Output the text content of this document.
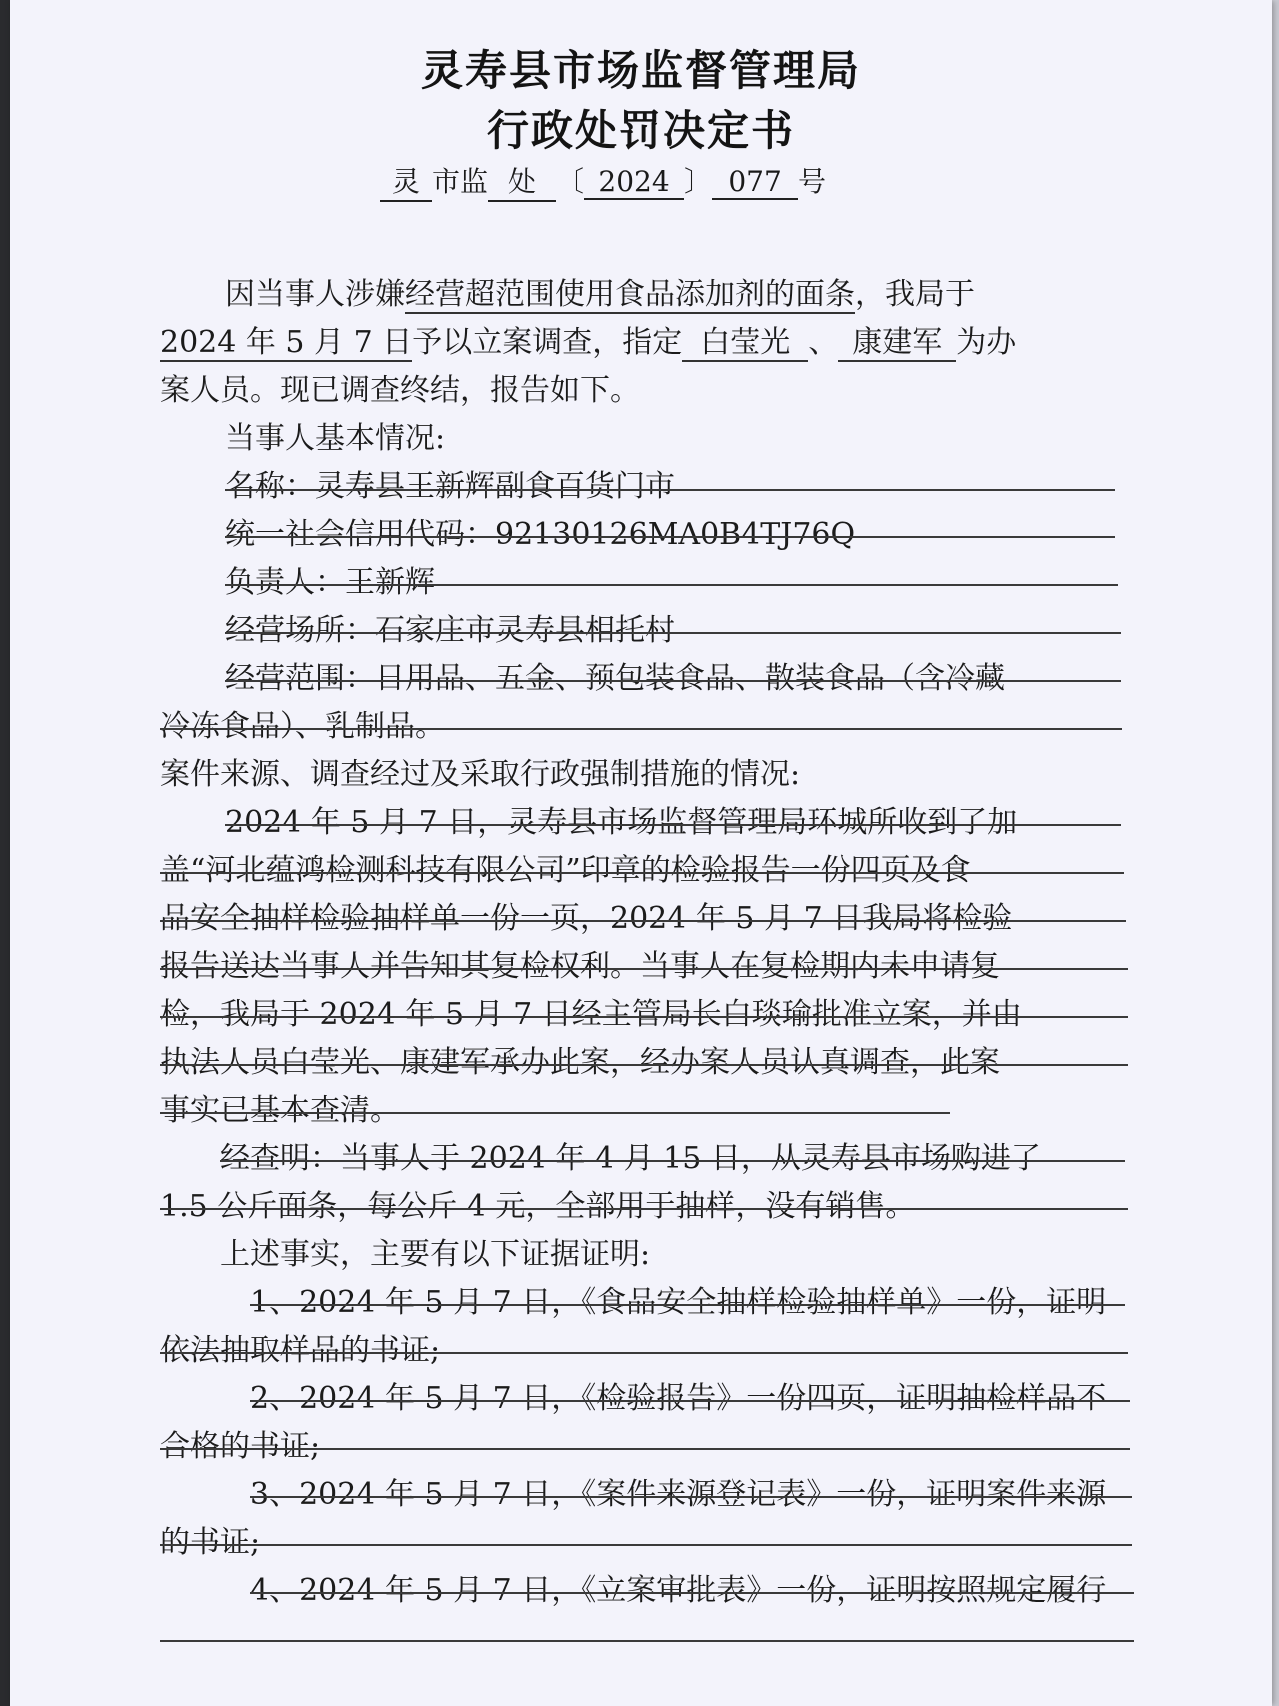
灵寿县市场监督管理局
行政处罚决定书
灵 市监 处 〔 2024 〕 077 号
因当事人涉嫌经营超范围使用食品添加剂的面条，我局于
2024 年 5 月 7 日予以立案调查，指定 白莹光 、 康建军 为办
案人员。现已调查终结，报告如下。
当事人基本情况:
名称：灵寿县王新辉副食百货门市
统一社会信用代码：92130126MA0B4TJ76Q
负责人：王新辉
经营场所：石家庄市灵寿县相托村
经营范围：日用品、五金、预包装食品、散装食品（含冷藏
冷冻食品）、乳制品。
案件来源、调查经过及采取行政强制措施的情况:
2024 年 5 月 7 日，灵寿县市场监督管理局环城所收到了加
盖“河北蕴鸿检测科技有限公司”印章的检验报告一份四页及食
品安全抽样检验抽样单一份一页，2024 年 5 月 7 日我局将检验
报告送达当事人并告知其复检权利。当事人在复检期内未申请复
检，我局于 2024 年 5 月 7 日经主管局长白琰瑜批准立案，并由
执法人员白莹光、康建军承办此案，经办案人员认真调查，此案
事实已基本查清。
经查明：当事人于 2024 年 4 月 15 日，从灵寿县市场购进了
1.5 公斤面条，每公斤 4 元，全部用于抽样，没有销售。
上述事实，主要有以下证据证明:
1、2024 年 5 月 7 日，《食品安全抽样检验抽样单》一份，证明
依法抽取样品的书证;
2、2024 年 5 月 7 日，《检验报告》一份四页，证明抽检样品不
合格的书证;
3、2024 年 5 月 7 日，《案件来源登记表》一份，证明案件来源
的书证;
4、2024 年 5 月 7 日，《立案审批表》一份，证明按照规定履行
